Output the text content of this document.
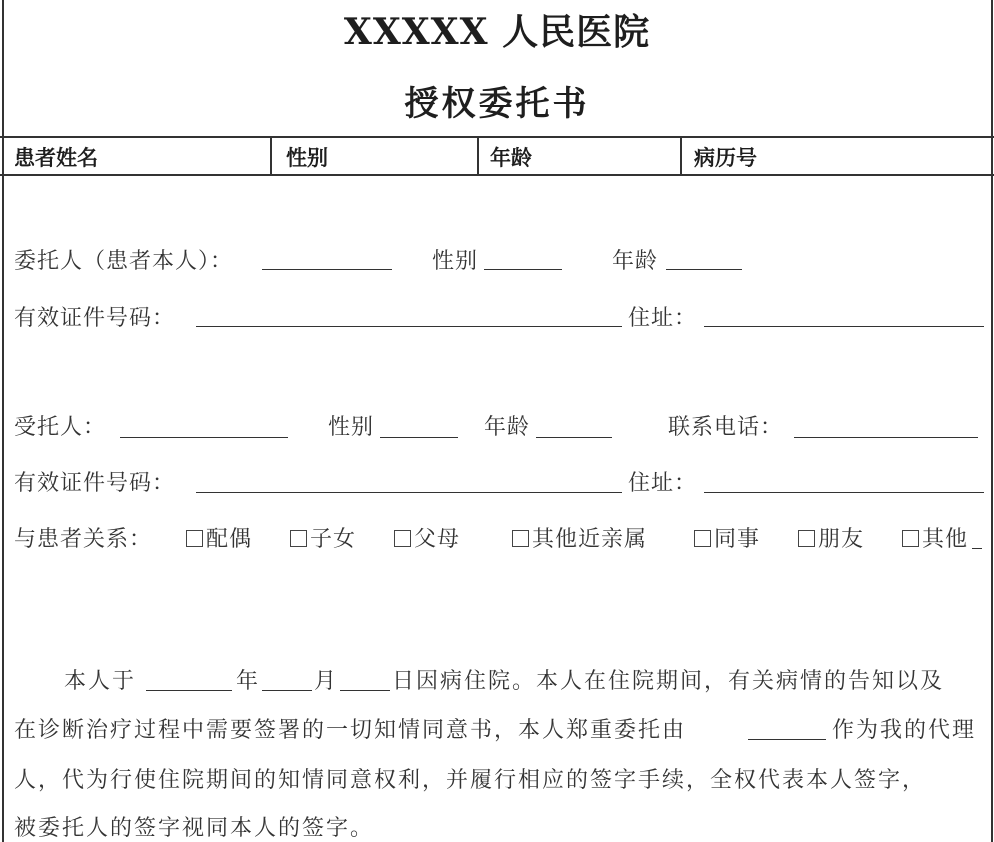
XXXXX 人民医院
授权委托书
患者姓名	性别	年龄	病历号
委托人（患者本人）：	性别	年龄
有效证件号码：	住址：
受托人：	性别	年龄	联系电话：
有效证件号码：	住址：
与患者关系：	配偶	子女	父母	其他近亲属	同事	朋友	其他
本人于	年 月 日因病住院。本人在住院期间，有关病情的告知以及
在诊断治疗过程中需要签署的一切知情同意书，本人郑重委托由	作为我的代理
人，代为行使住院期间的知情同意权利，并履行相应的签字手续，全权代表本人签字，
被委托人的签字视同本人的签字。
